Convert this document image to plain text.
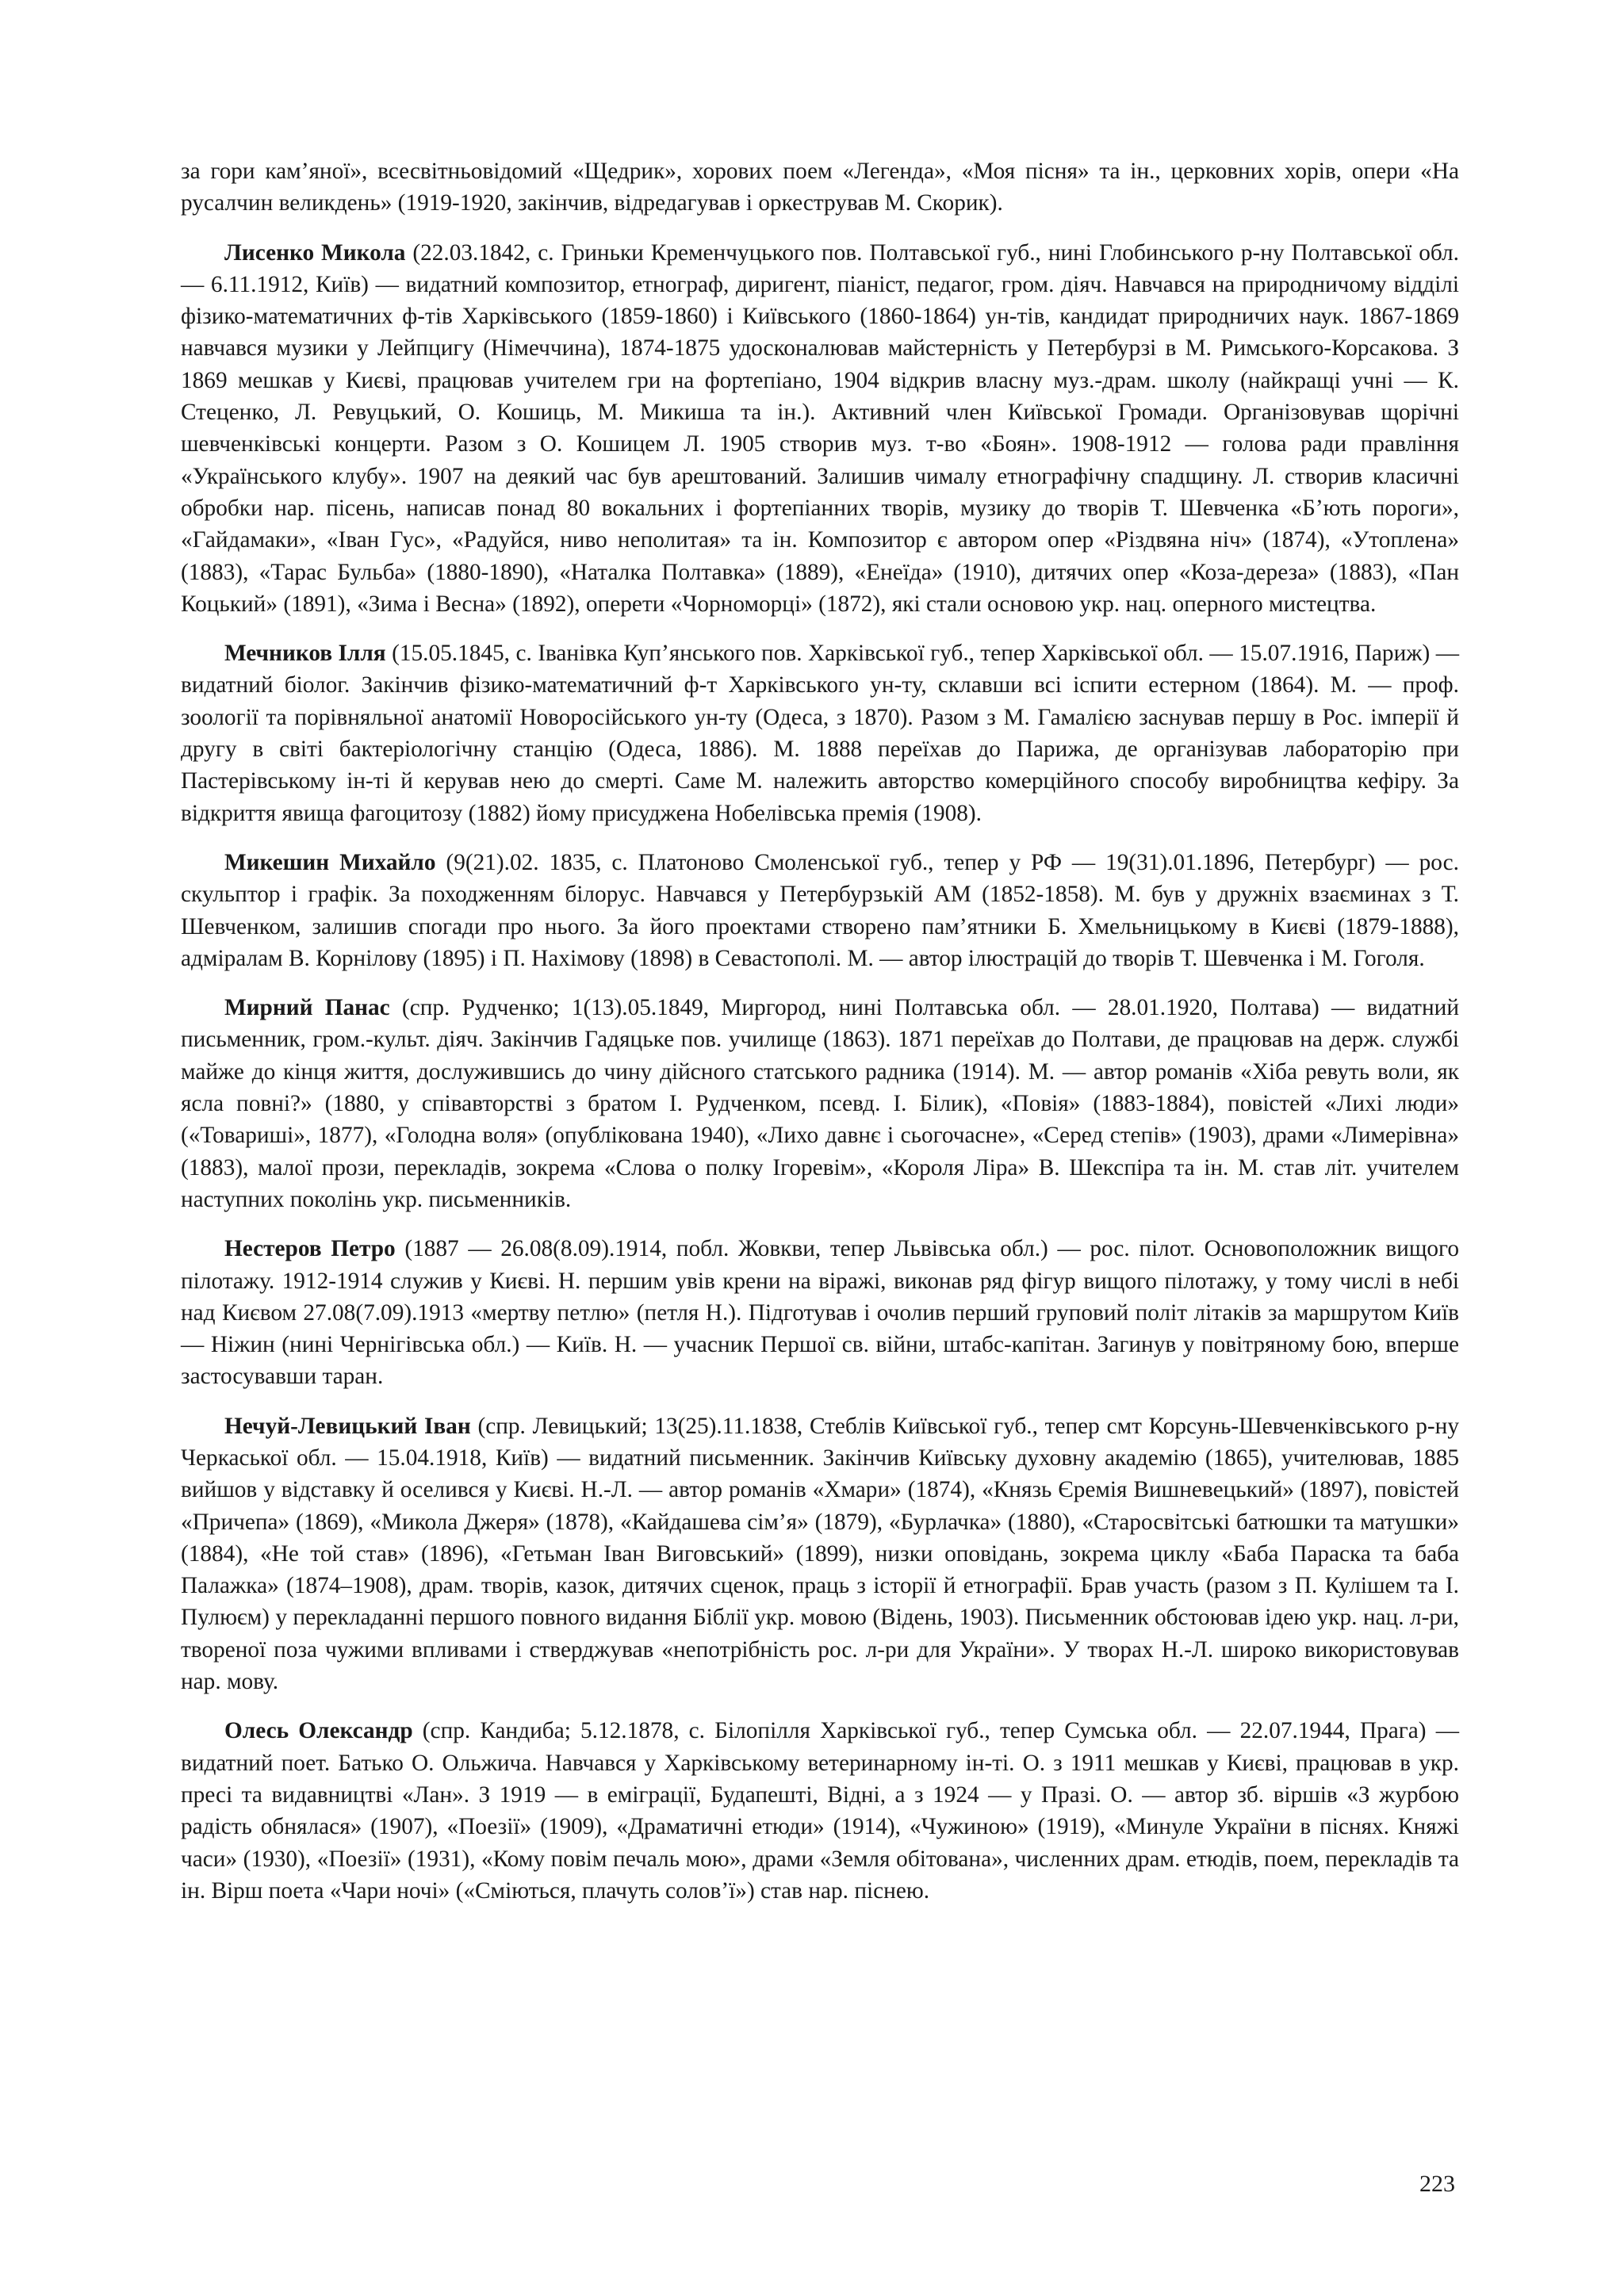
за гори кам’яної», всесвітньовідомий «Щедрик», хорових поем «Легенда», «Моя пісня» та ін., церковних хорів, опери «На русалчин великдень» (1919-1920, закінчив, відредагував і оркестрував М. Скорик).

Лисенко Микола (22.03.1842, с. Гриньки Кременчуцького пов. Полтавської губ., нині Глобинського р-ну Полтавської обл. — 6.11.1912, Київ) — видатний композитор, етнограф, диригент, піаніст, педагог, гром. діяч. Навчався на природничому відділі фізико-математичних ф-тів Харківського (1859-1860) і Київського (1860-1864) ун-тів, кандидат природничих наук. 1867-1869 навчався музики у Лейпцигу (Німеччина), 1874-1875 удосконалював майстерність у Петербурзі в М. Римського-Корсакова. З 1869 мешкав у Києві, працював учителем гри на фортепіано, 1904 відкрив власну муз.-драм. школу (найкращі учні — К. Стеценко, Л. Ревуцький, О. Кошиць, М. Микиша та ін.). Активний член Київської Громади. Організовував щорічні шевченківські концерти. Разом з О. Кошицем Л. 1905 створив муз. т-во «Боян». 1908-1912 — голова ради правління «Українського клубу». 1907 на деякий час був арештований. Залишив чималу етнографічну спадщину. Л. створив класичні обробки нар. пісень, написав понад 80 вокальних і фортепіанних творів, музику до творів Т. Шевченка «Б’ють пороги», «Гайдамаки», «Іван Гус», «Радуйся, ниво неполитая» та ін. Композитор є автором опер «Різдвяна ніч» (1874), «Утоплена» (1883), «Тарас Бульба» (1880-1890), «Наталка Полтавка» (1889), «Енеїда» (1910), дитячих опер «Коза-дереза» (1883), «Пан Коцький» (1891), «Зима і Весна» (1892), оперети «Чорноморці» (1872), які стали основою укр. нац. оперного мистецтва.

Мечников Ілля (15.05.1845, с. Іванівка Куп’янського пов. Харківської губ., тепер Харківської обл. — 15.07.1916, Париж) — видатний біолог. Закінчив фізико-математичний ф-т Харківського ун-ту, склавши всі іспити естерном (1864). М. — проф. зоології та порівняльної анатомії Новоросійського ун-ту (Одеса, з 1870). Разом з М. Гамалією заснував першу в Рос. імперії й другу в світі бактеріологічну станцію (Одеса, 1886). М. 1888 переїхав до Парижа, де організував лабораторію при Пастерівському ін-ті й керував нею до смерті. Саме М. належить авторство комерційного способу виробництва кефіру. За відкриття явища фагоцитозу (1882) йому присуджена Нобелівська премія (1908).

Микешин Михайло (9(21).02. 1835, с. Платоново Смоленської губ., тепер у РФ — 19(31).01.1896, Петербург) — рос. скульптор і графік. За походженням білорус. Навчався у Петербурзькій АМ (1852-1858). М. був у дружніх взаєминах з Т. Шевченком, залишив спогади про нього. За його проектами створено пам’ятники Б. Хмельницькому в Києві (1879-1888), адміралам В. Корнілову (1895) і П. Нахімову (1898) в Севастополі. М. — автор ілюстрацій до творів Т. Шевченка і М. Гоголя.

Мирний Панас (спр. Рудченко; 1(13).05.1849, Миргород, нині Полтавська обл. — 28.01.1920, Полтава) — видатний письменник, гром.-культ. діяч. Закінчив Гадяцьке пов. училище (1863). 1871 переїхав до Полтави, де працював на держ. службі майже до кінця життя, дослужившись до чину дійсного статського радника (1914). М. — автор романів «Хіба ревуть воли, як ясла повні?» (1880, у співавторстві з братом І. Рудченком, псевд. І. Білик), «Повія» (1883-1884), повістей «Лихі люди» («Товариші», 1877), «Голодна воля» (опублікована 1940), «Лихо давнє і сьогочасне», «Серед степів» (1903), драми «Лимерівна» (1883), малої прози, перекладів, зокрема «Слова о полку Ігоревім», «Короля Ліра» В. Шекспіра та ін. М. став літ. учителем наступних поколінь укр. письменників.

Нестеров Петро (1887 — 26.08(8.09).1914, побл. Жовкви, тепер Львівська обл.) — рос. пілот. Основоположник вищого пілотажу. 1912-1914 служив у Києві. Н. першим увів крени на віражі, виконав ряд фігур вищого пілотажу, у тому числі в небі над Києвом 27.08(7.09).1913 «мертву петлю» (петля Н.). Підготував і очолив перший груповий політ літаків за маршрутом Київ — Ніжин (нині Чернігівська обл.) — Київ. Н. — учасник Першої св. війни, штабс-капітан. Загинув у повітряному бою, вперше застосувавши таран.

Нечуй-Левицький Іван (спр. Левицький; 13(25).11.1838, Стеблів Київської губ., тепер смт Корсунь-Шевченківського р-ну Черкаської обл. — 15.04.1918, Київ) — видатний письменник. Закінчив Київську духовну академію (1865), учителював, 1885 вийшов у відставку й оселився у Києві. Н.-Л. — автор романів «Хмари» (1874), «Князь Єремія Вишневецький» (1897), повістей «Причепа» (1869), «Микола Джеря» (1878), «Кайдашева сім’я» (1879), «Бурлачка» (1880), «Старосвітські батюшки та матушки» (1884), «Не той став» (1896), «Гетьман Іван Виговський» (1899), низки оповідань, зокрема циклу «Баба Параска та баба Палажка» (1874–1908), драм. творів, казок, дитячих сценок, праць з історії й етнографії. Брав участь (разом з П. Кулішем та І. Пулюєм) у перекладанні першого повного видання Біблії укр. мовою (Відень, 1903). Письменник обстоював ідею укр. нац. л-ри, твореної поза чужими впливами і стверджував «непотрібність рос. л-ри для України». У творах Н.-Л. широко використовував нар. мову.

Олесь Олександр (спр. Кандиба; 5.12.1878, с. Білопілля Харківської губ., тепер Сумська обл. — 22.07.1944, Прага) — видатний поет. Батько О. Ольжича. Навчався у Харківському ветеринарному ін-ті. О. з 1911 мешкав у Києві, працював в укр. пресі та видавництві «Лан». З 1919 — в еміграції, Будапешті, Відні, а з 1924 — у Празі. О. — автор зб. віршів «З журбою радість обнялася» (1907), «Поезії» (1909), «Драматичні етюди» (1914), «Чужиною» (1919), «Минуле України в піснях. Княжі часи» (1930), «Поезії» (1931), «Кому повім печаль мою», драми «Земля обітована», численних драм. етюдів, поем, перекладів та ін. Вірш поета «Чари ночі» («Сміються, плачуть солов’ї») став нар. піснею.

223
